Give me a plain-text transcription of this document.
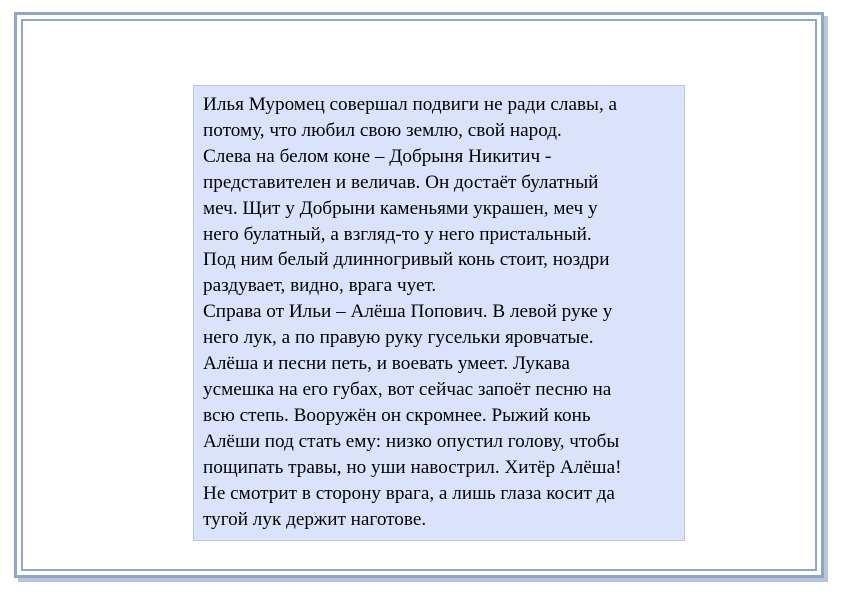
Илья Муромец совершал подвиги не ради славы, а
потому, что любил свою землю, свой народ.

Слева на белом коне – Добрыня Никитич -
представителен и величав. Он достаёт булатный
меч. Щит у Добрыни каменьями украшен, меч у
него булатный, а взгляд-то у него пристальный.
Под ним белый длинногривый конь стоит, ноздри
раздувает, видно, врага чует.

Справа от Ильи – Алёша Попович. В левой руке у
него лук, а по правую руку гусельки яровчатые.
Алёша и песни петь, и воевать умеет. Лукава
усмешка на его губах, вот сейчас запоёт песню на
всю степь. Вооружён он скромнее. Рыжий конь
Алёши под стать ему: низко опустил голову, чтобы
пощипать травы, но уши навострил. Хитёр Алёша!
Не смотрит в сторону врага, а лишь глаза косит да
тугой лук держит наготове.
